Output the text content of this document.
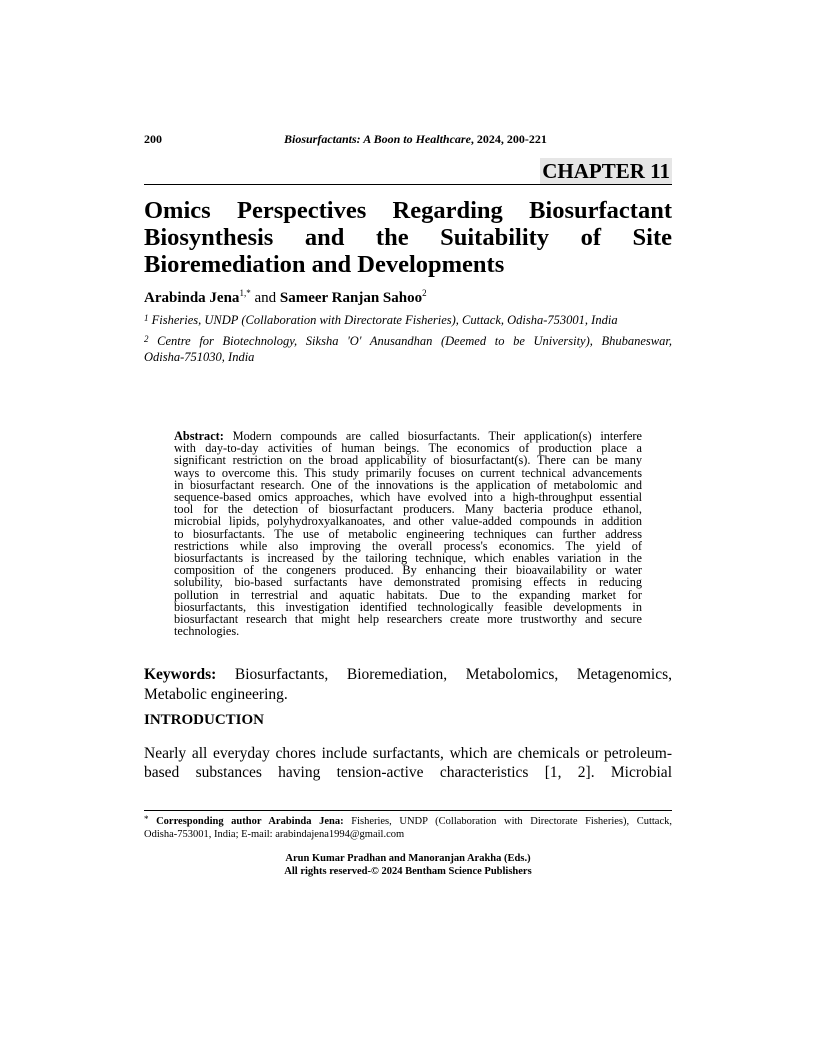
200	Biosurfactants: A Boon to Healthcare, 2024, 200-221
CHAPTER 11
Omics Perspectives Regarding Biosurfactant
Biosynthesis and the Suitability of Site
Bioremediation and Developments
Arabinda Jena$^{1,*}$ and Sameer Ranjan Sahoo$^2$
$^1$ Fisheries, UNDP (Collaboration with Directorate Fisheries), Cuttack, Odisha-753001, India
$^2$ Centre for Biotechnology, Siksha 'O' Anusandhan (Deemed to be University), Bhubaneswar,
Odisha-751030, India
Abstract: Modern compounds are called biosurfactants. Their application(s) interfere
with day-to-day activities of human beings. The economics of production place a
significant restriction on the broad applicability of biosurfactant(s). There can be many
ways to overcome this. This study primarily focuses on current technical advancements
in biosurfactant research. One of the innovations is the application of metabolomic and
sequence-based omics approaches, which have evolved into a high-throughput essential
tool for the detection of biosurfactant producers. Many bacteria produce ethanol,
microbial lipids, polyhydroxyalkanoates, and other value-added compounds in addition
to biosurfactants. The use of metabolic engineering techniques can further address
restrictions while also improving the overall process's economics. The yield of
biosurfactants is increased by the tailoring technique, which enables variation in the
composition of the congeners produced. By enhancing their bioavailability or water
solubility, bio-based surfactants have demonstrated promising effects in reducing
pollution in terrestrial and aquatic habitats. Due to the expanding market for
biosurfactants, this investigation identified technologically feasible developments in
biosurfactant research that might help researchers create more trustworthy and secure
technologies.
Keywords: Biosurfactants, Bioremediation, Metabolomics, Metagenomics,
Metabolic engineering.
INTRODUCTION
Nearly all everyday chores include surfactants, which are chemicals or petroleum-
based substances having tension-active characteristics [1, 2]. Microbial
* Corresponding author Arabinda Jena: Fisheries, UNDP (Collaboration with Directorate Fisheries), Cuttack,
Odisha-753001, India; E-mail: arabindajena1994@gmail.com
Arun Kumar Pradhan and Manoranjan Arakha (Eds.)
All rights reserved-© 2024 Bentham Science Publishers
